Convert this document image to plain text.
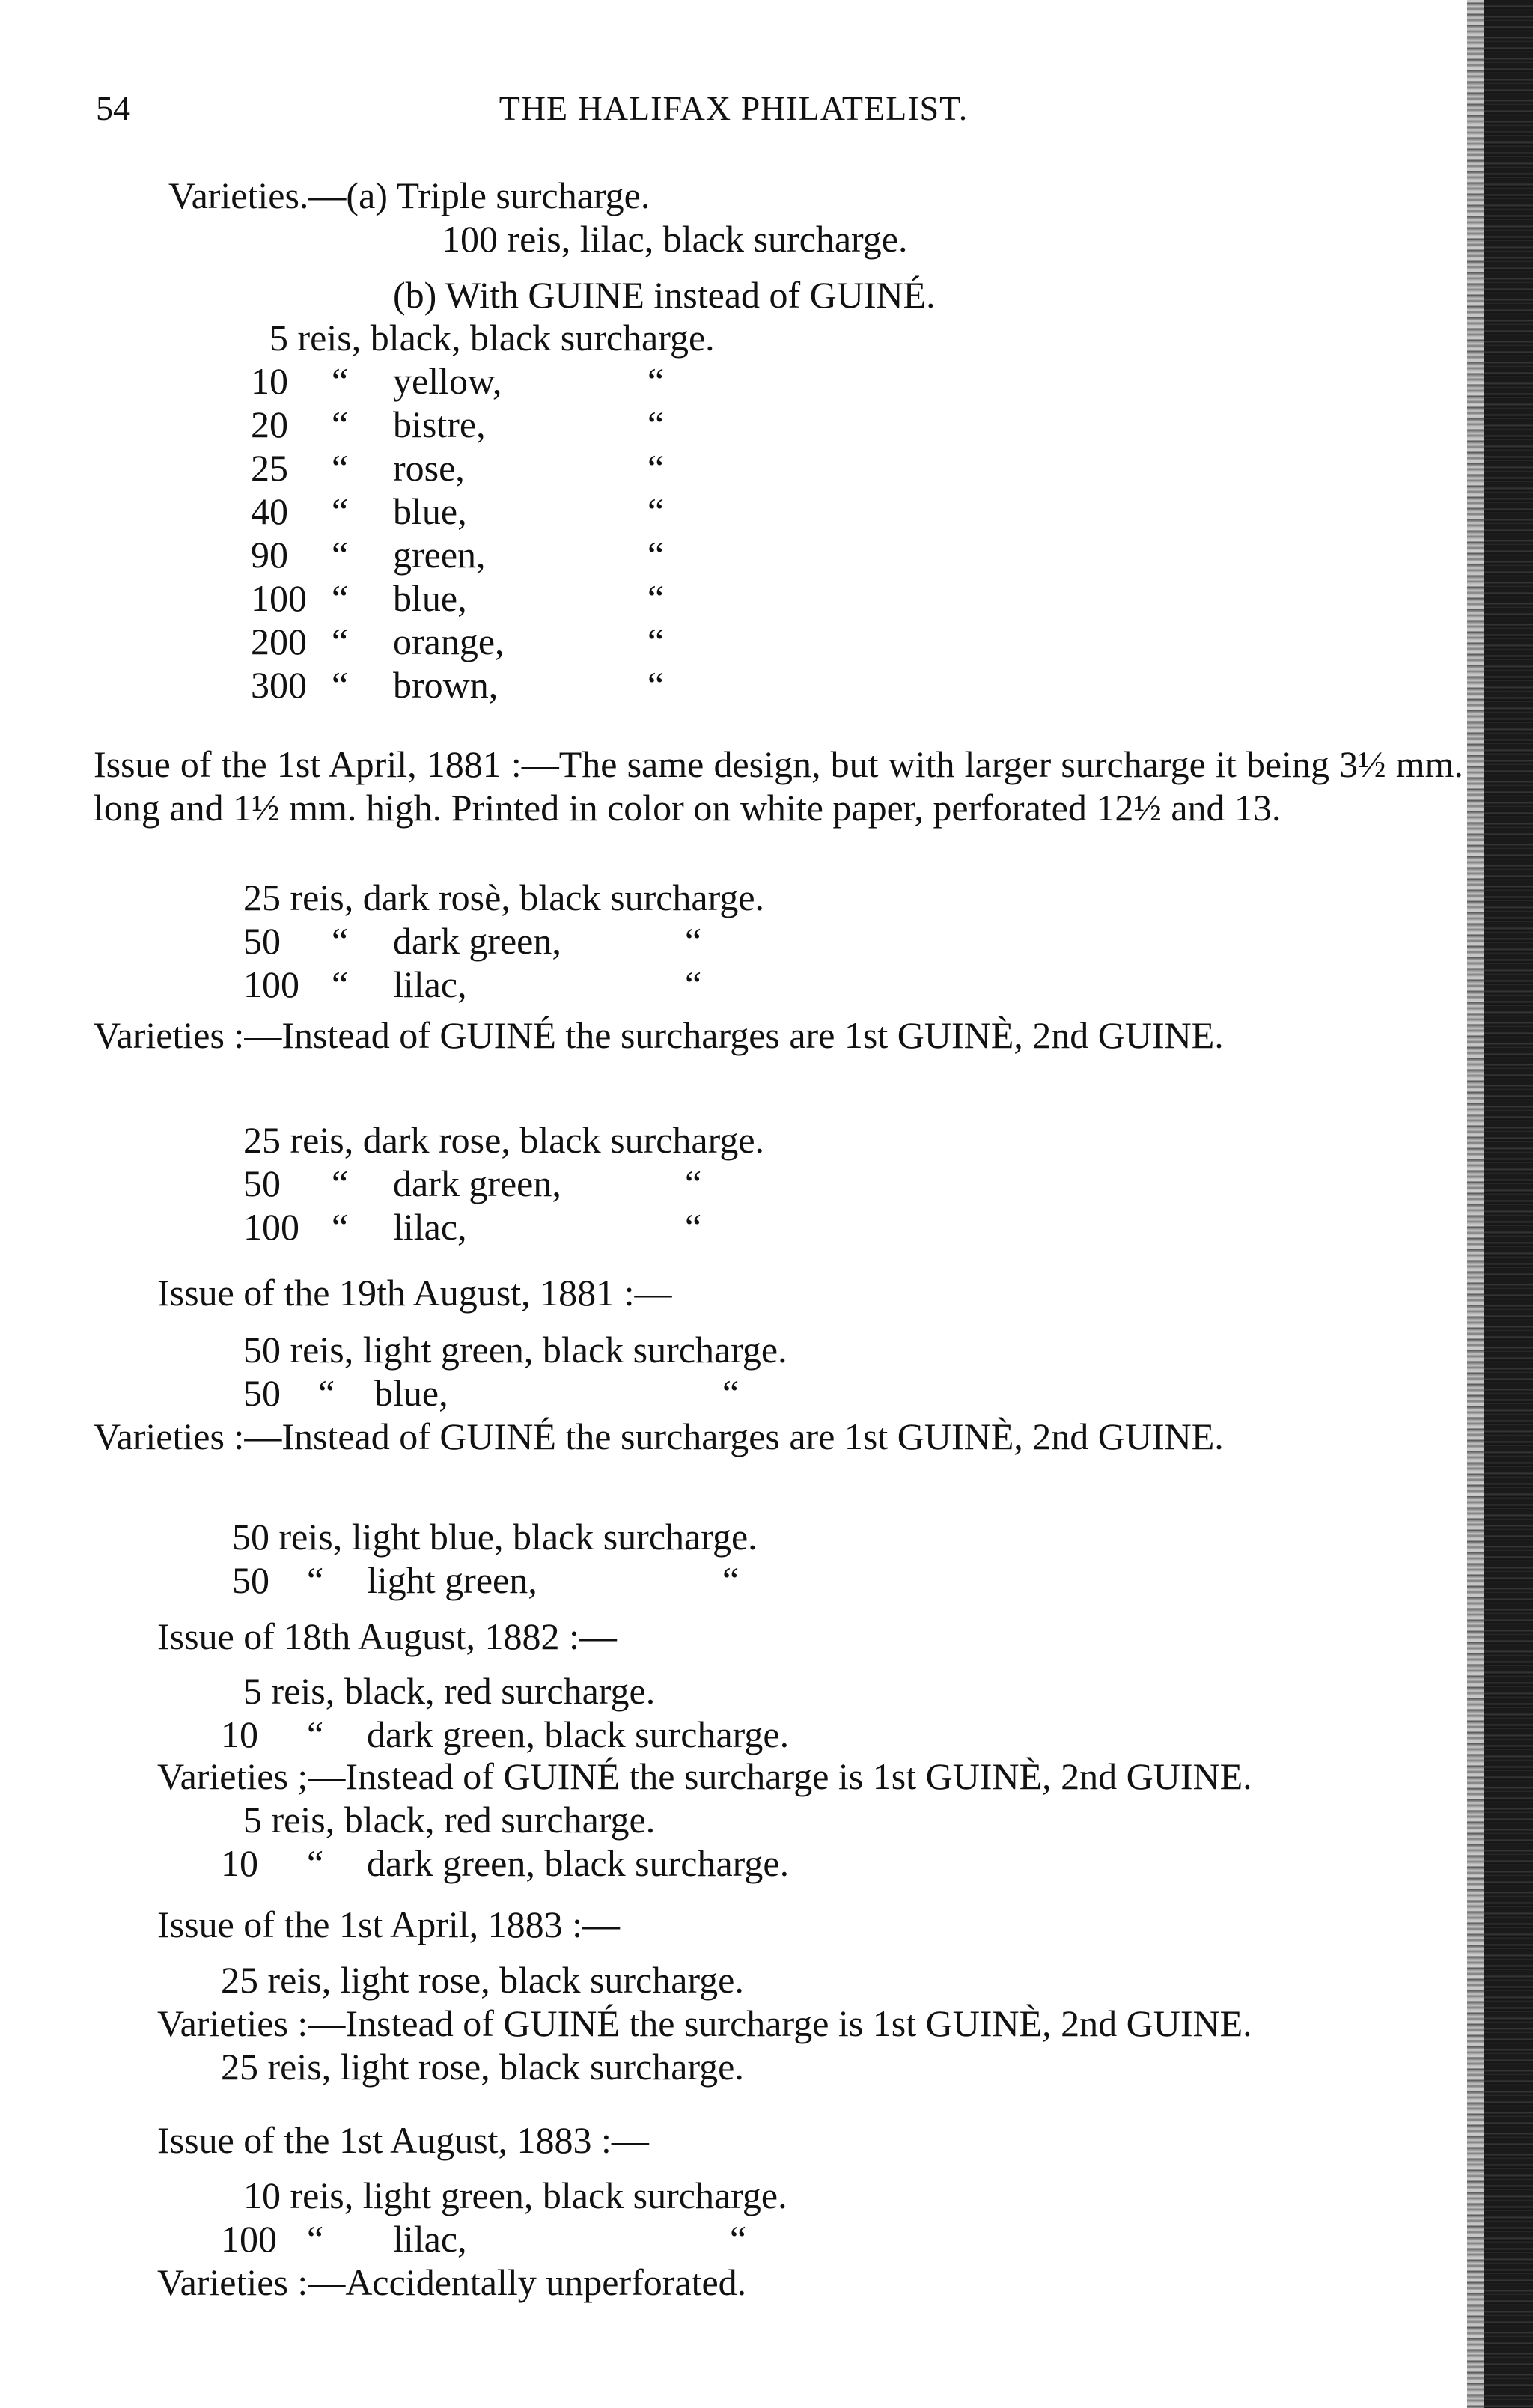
54	THE HALIFAX PHILATELIST.
Varieties.—(a) Triple surcharge.
100 reis, lilac, black surcharge.
(b) With GUINE instead of GUINÉ.
5 reis, black, black surcharge.
10 “ yellow,	“
20 “ bistre,	“
25 “ rose,	“
40 “ blue,	“
90 “ green,	“
100 “ blue,	“
200 “ orange,	“
300 “ brown,	“
Issue of the 1st April, 1881 :—The same design, but with larger surcharge it being 3½ mm. long and 1½ mm. high. Printed in color on white paper, perforated 12½ and 13.
25 reis, dark rosè, black surcharge.
50 “ dark green,	“
100 “ lilac,	“
Varieties :—Instead of GUINÉ the surcharges are 1st GUINÈ, 2nd GUINE.
25 reis, dark rose, black surcharge.
50 “ dark green,	“
100 “ lilac,	“
Issue of the 19th August, 1881 :—
50 reis, light green, black surcharge.
50 “ blue,	“
Varieties :—Instead of GUINÉ the surcharges are 1st GUINÈ, 2nd GUINE.
50 reis, light blue, black surcharge.
50 “ light green,	“
Issue of 18th August, 1882 :—
5 reis, black, red surcharge.
10 “ dark green, black surcharge.
Varieties ;—Instead of GUINÉ the surcharge is 1st GUINÈ, 2nd GUINE.
5 reis, black, red surcharge.
10 “ dark green, black surcharge.
Issue of the 1st April, 1883 :—
25 reis, light rose, black surcharge.
Varieties :—Instead of GUINÉ the surcharge is 1st GUINÈ, 2nd GUINE.
25 reis, light rose, black surcharge.
Issue of the 1st August, 1883 :—
10 reis, light green, black surcharge.
100 “ lilac,	“
Varieties :—Accidentally unperforated.
